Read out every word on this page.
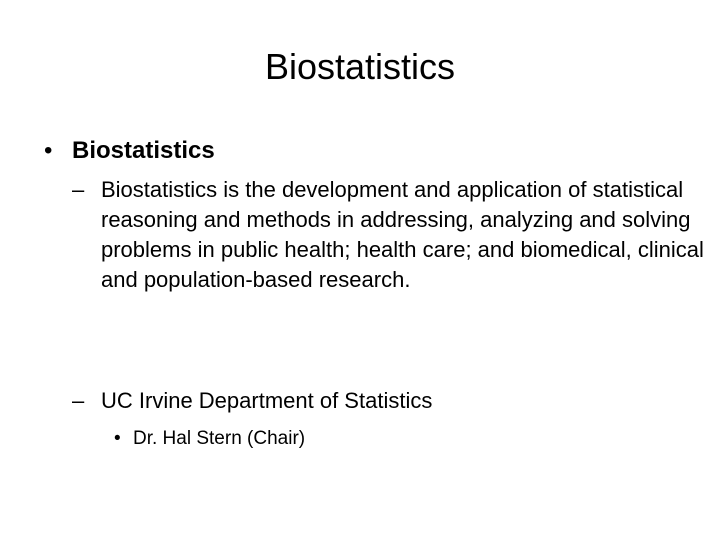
Biostatistics
• Biostatistics
– Biostatistics is the development and application of statistical reasoning and methods in addressing, analyzing and solving problems in public health; health care; and biomedical, clinical and population-based research.
– UC Irvine Department of Statistics
• Dr. Hal Stern (Chair)
